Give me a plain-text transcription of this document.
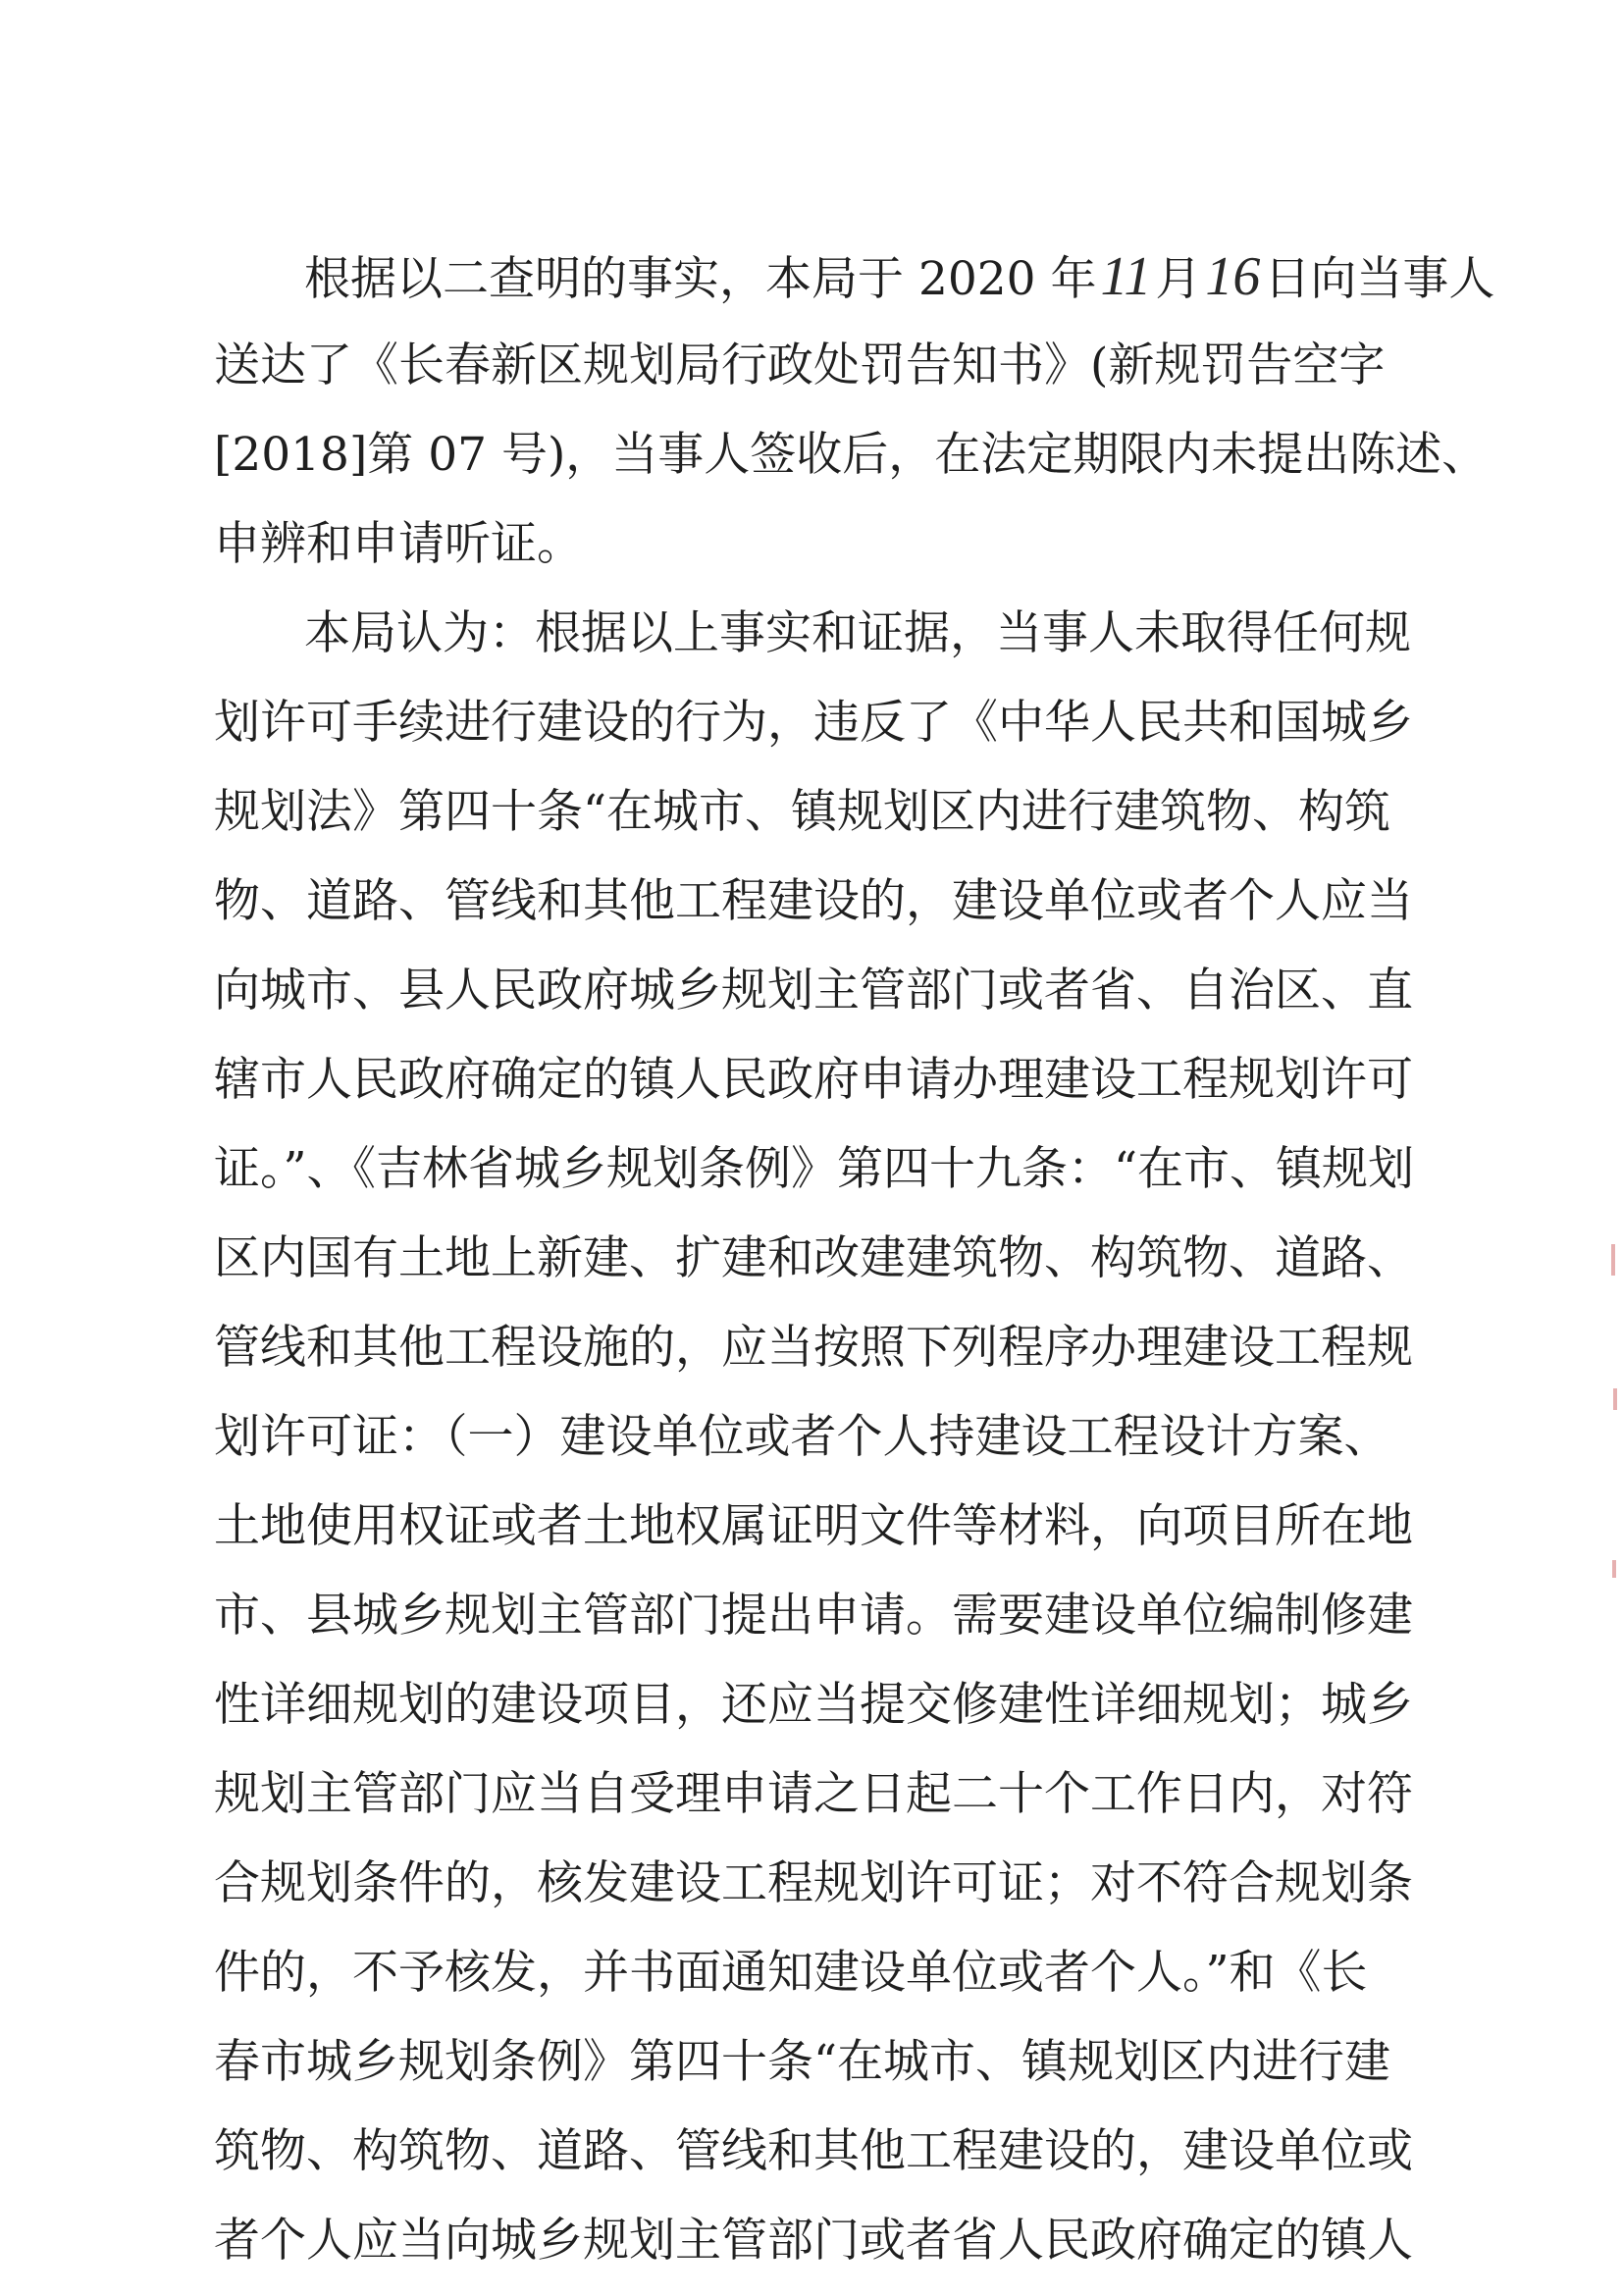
根据以二查明的事实，本局于 2020 年11月16日向当事人

送达了《长春新区规划局行政处罚告知书》(新规罚告空字

[2018]第 07 号)，当事人签收后，在法定期限内未提出陈述、

申辨和申请听证。

本局认为：根据以上事实和证据，当事人未取得任何规

划许可手续进行建设的行为，违反了《中华人民共和国城乡

规划法》第四十条“在城市、镇规划区内进行建筑物、构筑

物、道路、管线和其他工程建设的，建设单位或者个人应当

向城市、县人民政府城乡规划主管部门或者省、自治区、直

辖市人民政府确定的镇人民政府申请办理建设工程规划许可

证。”、《吉林省城乡规划条例》第四十九条：“在市、镇规划

区内国有土地上新建、扩建和改建建筑物、构筑物、道路、

管线和其他工程设施的，应当按照下列程序办理建设工程规

划许可证：（一）建设单位或者个人持建设工程设计方案、

土地使用权证或者土地权属证明文件等材料，向项目所在地

市、县城乡规划主管部门提出申请。需要建设单位编制修建

性详细规划的建设项目，还应当提交修建性详细规划；城乡

规划主管部门应当自受理申请之日起二十个工作日内，对符

合规划条件的，核发建设工程规划许可证；对不符合规划条

件的，不予核发，并书面通知建设单位或者个人。”和《长

春市城乡规划条例》第四十条“在城市、镇规划区内进行建

筑物、构筑物、道路、管线和其他工程建设的，建设单位或

者个人应当向城乡规划主管部门或者省人民政府确定的镇人
